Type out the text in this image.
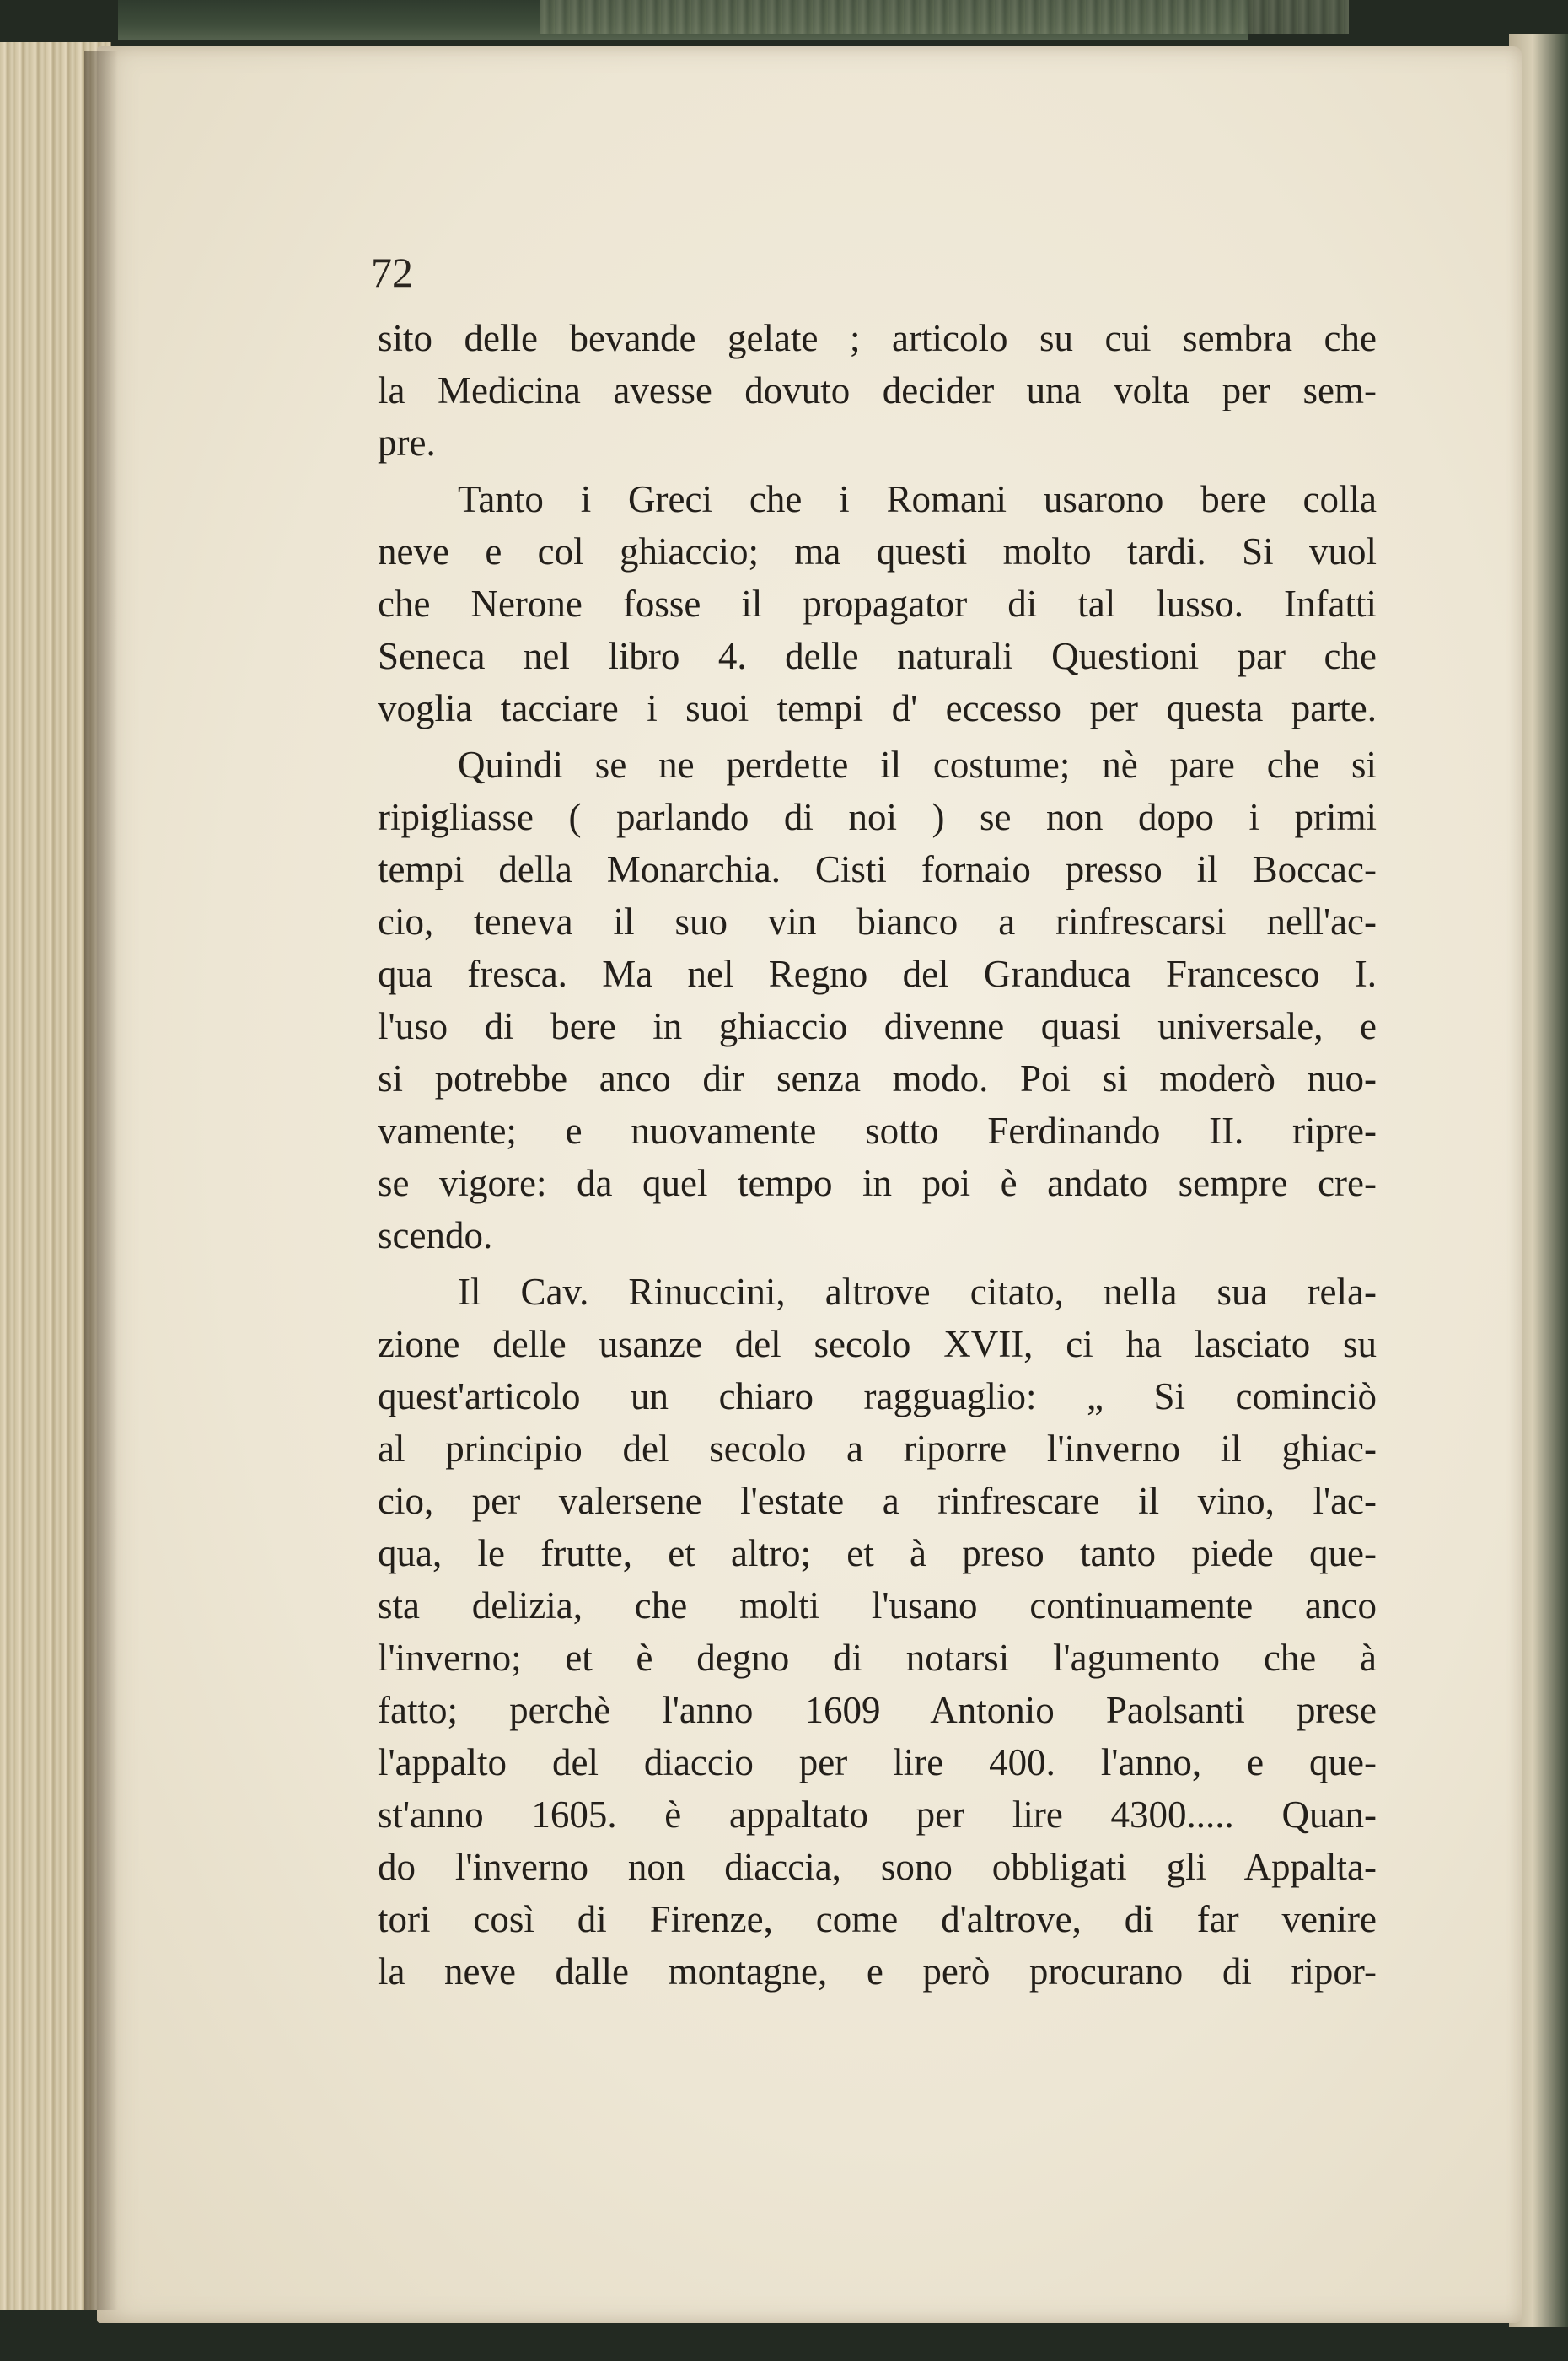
72
sito delle bevande gelate ; articolo su cui sembra che
la Medicina avesse dovuto decider una volta per sem-
pre.
Tanto i Greci che i Romani usarono bere colla
neve e col ghiaccio; ma questi molto tardi. Si vuol
che Nerone fosse il propagator di tal lusso. Infatti
Seneca nel libro 4. delle naturali Questioni par che
voglia tacciare i suoi tempi d' eccesso per questa parte.
Quindi se ne perdette il costume; nè pare che si
ripigliasse ( parlando di noi ) se non dopo i primi
tempi della Monarchia. Cisti fornaio presso il Boccac-
cio, teneva il suo vin bianco a rinfrescarsi nell'ac-
qua fresca. Ma nel Regno del Granduca Francesco I.
l'uso di bere in ghiaccio divenne quasi universale, e
si potrebbe anco dir senza modo. Poi si moderò nuo-
vamente; e nuovamente sotto Ferdinando II. ripre-
se vigore: da quel tempo in poi è andato sempre cre-
scendo.
Il Cav. Rinuccini, altrove citato, nella sua rela-
zione delle usanze del secolo XVII, ci ha lasciato su
quest'articolo un chiaro ragguaglio: „ Si cominciò
al principio del secolo a riporre l'inverno il ghiac-
cio, per valersene l'estate a rinfrescare il vino, l'ac-
qua, le frutte, et altro; et à preso tanto piede que-
sta delizia, che molti l'usano continuamente anco
l'inverno; et è degno di notarsi l'agumento che à
fatto; perchè l'anno 1609 Antonio Paolsanti prese
l'appalto del diaccio per lire 400. l'anno, e que-
st'anno 1605. è appaltato per lire 4300..... Quan-
do l'inverno non diaccia, sono obbligati gli Appalta-
tori così di Firenze, come d'altrove, di far venire
la neve dalle montagne, e però procurano di ripor-
